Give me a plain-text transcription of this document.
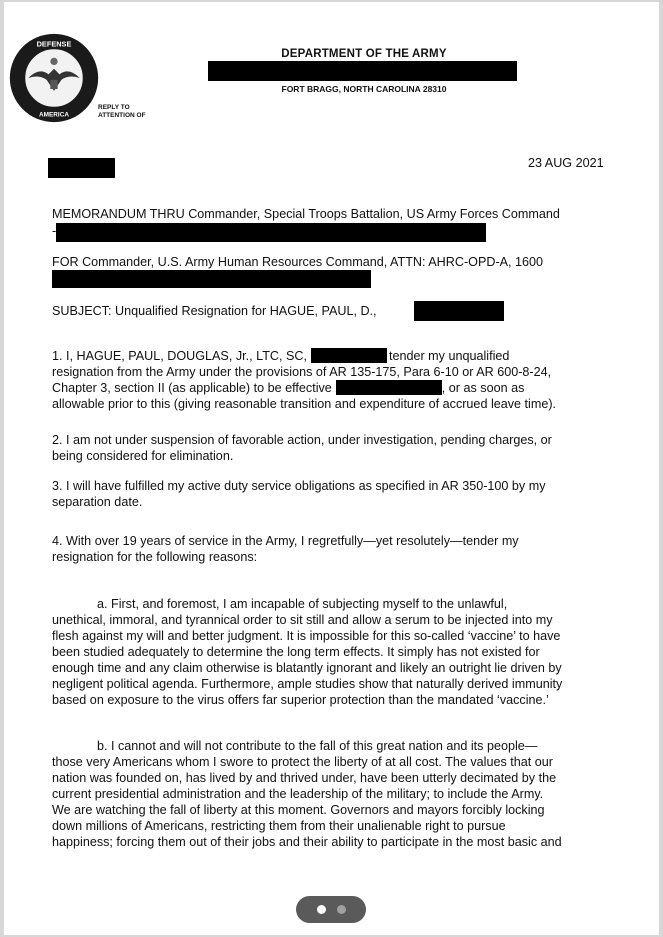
DEFENSE
AMERICA
DEPARTMENT OF THE ARMY
FORT BRAGG, NORTH CAROLINA 28310
REPLY TO
ATTENTION OF
23 AUG 2021
MEMORANDUM THRU Commander, Special Troops Battalion, US Army Forces Command
-
FOR Commander, U.S. Army Human Resources Command, ATTN: AHRC-OPD-A, 1600
SUBJECT: Unqualified Resignation for HAGUE, PAUL, D.,

1. I, HAGUE, PAUL, DOUGLAS, Jr., LTC, SC,	tender my unqualified

resignation from the Army under the provisions of AR 135-175, Para 6-10 or AR 600-8-24,

Chapter 3, section II (as applicable) to be effective	, or as soon as

allowable prior to this (giving reasonable transition and expenditure of accrued leave time).

2. I am not under suspension of favorable action, under investigation, pending charges, or

being considered for elimination.

3. I will have fulfilled my active duty service obligations as specified in AR 350-100 by my

separation date.

4. With over 19 years of service in the Army, I regretfully—yet resolutely—tender my

resignation for the following reasons:

a. First, and foremost, I am incapable of subjecting myself to the unlawful,

unethical, immoral, and tyrannical order to sit still and allow a serum to be injected into my

flesh against my will and better judgment. It is impossible for this so-called ‘vaccine’ to have

been studied adequately to determine the long term effects. It simply has not existed for

enough time and any claim otherwise is blatantly ignorant and likely an outright lie driven by

negligent political agenda. Furthermore, ample studies show that naturally derived immunity

based on exposure to the virus offers far superior protection than the mandated ‘vaccine.’

b. I cannot and will not contribute to the fall of this great nation and its people—

those very Americans whom I swore to protect the liberty of at all cost. The values that our

nation was founded on, has lived by and thrived under, have been utterly decimated by the

current presidential administration and the leadership of the military; to include the Army.

We are watching the fall of liberty at this moment. Governors and mayors forcibly locking

down millions of Americans, restricting them from their unalienable right to pursue

happiness; forcing them out of their jobs and their ability to participate in the most basic and
